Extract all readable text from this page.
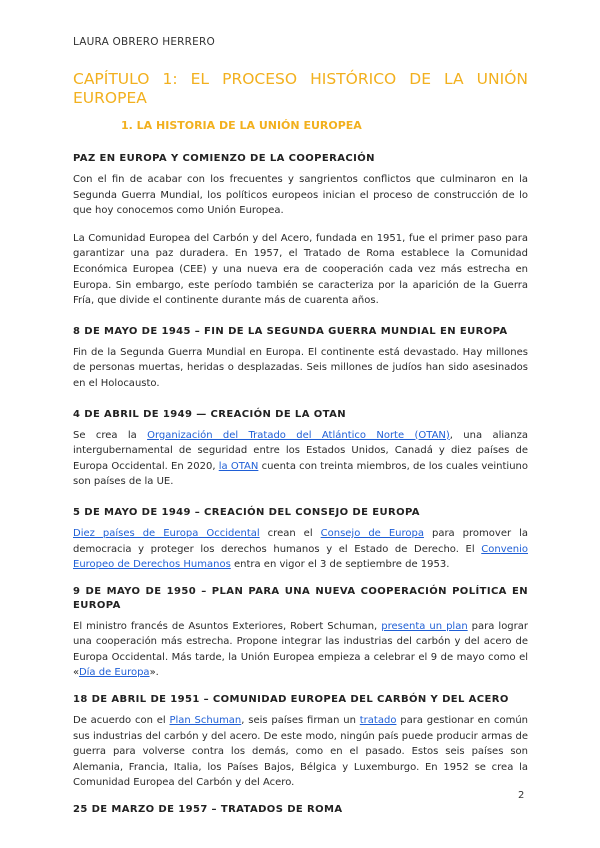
LAURA OBRERO HERRERO
CAPÍTULO 1: EL PROCESO HISTÓRICO DE LA UNIÓN EUROPEA
1. LA HISTORIA DE LA UNIÓN EUROPEA
PAZ EN EUROPA Y COMIENZO DE LA COOPERACIÓN

Con el fin de acabar con los frecuentes y sangrientos conflictos que culminaron en la Segunda Guerra Mundial, los políticos europeos inician el proceso de construcción de lo que hoy conocemos como Unión Europea.

La Comunidad Europea del Carbón y del Acero, fundada en 1951, fue el primer paso para garantizar una paz duradera. En 1957, el Tratado de Roma establece la Comunidad Económica Europea (CEE) y una nueva era de cooperación cada vez más estrecha en Europa. Sin embargo, este período también se caracteriza por la aparición de la Guerra Fría, que divide el continente durante más de cuarenta años.

8 DE MAYO DE 1945 – FIN DE LA SEGUNDA GUERRA MUNDIAL EN EUROPA

Fin de la Segunda Guerra Mundial en Europa. El continente está devastado. Hay millones de personas muertas, heridas o desplazadas. Seis millones de judíos han sido asesinados en el Holocausto.

4 DE ABRIL DE 1949 — CREACIÓN DE LA OTAN

Se crea la Organización del Tratado del Atlántico Norte (OTAN), una alianza intergubernamental de seguridad entre los Estados Unidos, Canadá y diez países de Europa Occidental. En 2020, la OTAN cuenta con treinta miembros, de los cuales veintiuno son países de la UE.

5 DE MAYO DE 1949 – CREACIÓN DEL CONSEJO DE EUROPA

Diez países de Europa Occidental crean el Consejo de Europa para promover la democracia y proteger los derechos humanos y el Estado de Derecho. El Convenio Europeo de Derechos Humanos entra en vigor el 3 de septiembre de 1953.

9 DE MAYO DE 1950 – PLAN PARA UNA NUEVA COOPERACIÓN POLÍTICA EN EUROPA

El ministro francés de Asuntos Exteriores, Robert Schuman, presenta un plan para lograr una cooperación más estrecha. Propone integrar las industrias del carbón y del acero de Europa Occidental. Más tarde, la Unión Europea empieza a celebrar el 9 de mayo como el «Día de Europa».

18 DE ABRIL DE 1951 – COMUNIDAD EUROPEA DEL CARBÓN Y DEL ACERO

De acuerdo con el Plan Schuman, seis países firman un tratado para gestionar en común sus industrias del carbón y del acero. De este modo, ningún país puede producir armas de guerra para volverse contra los demás, como en el pasado. Estos seis países son Alemania, Francia, Italia, los Países Bajos, Bélgica y Luxemburgo. En 1952 se crea la Comunidad Europea del Carbón y del Acero.

25 DE MARZO DE 1957 – TRATADOS DE ROMA
2
